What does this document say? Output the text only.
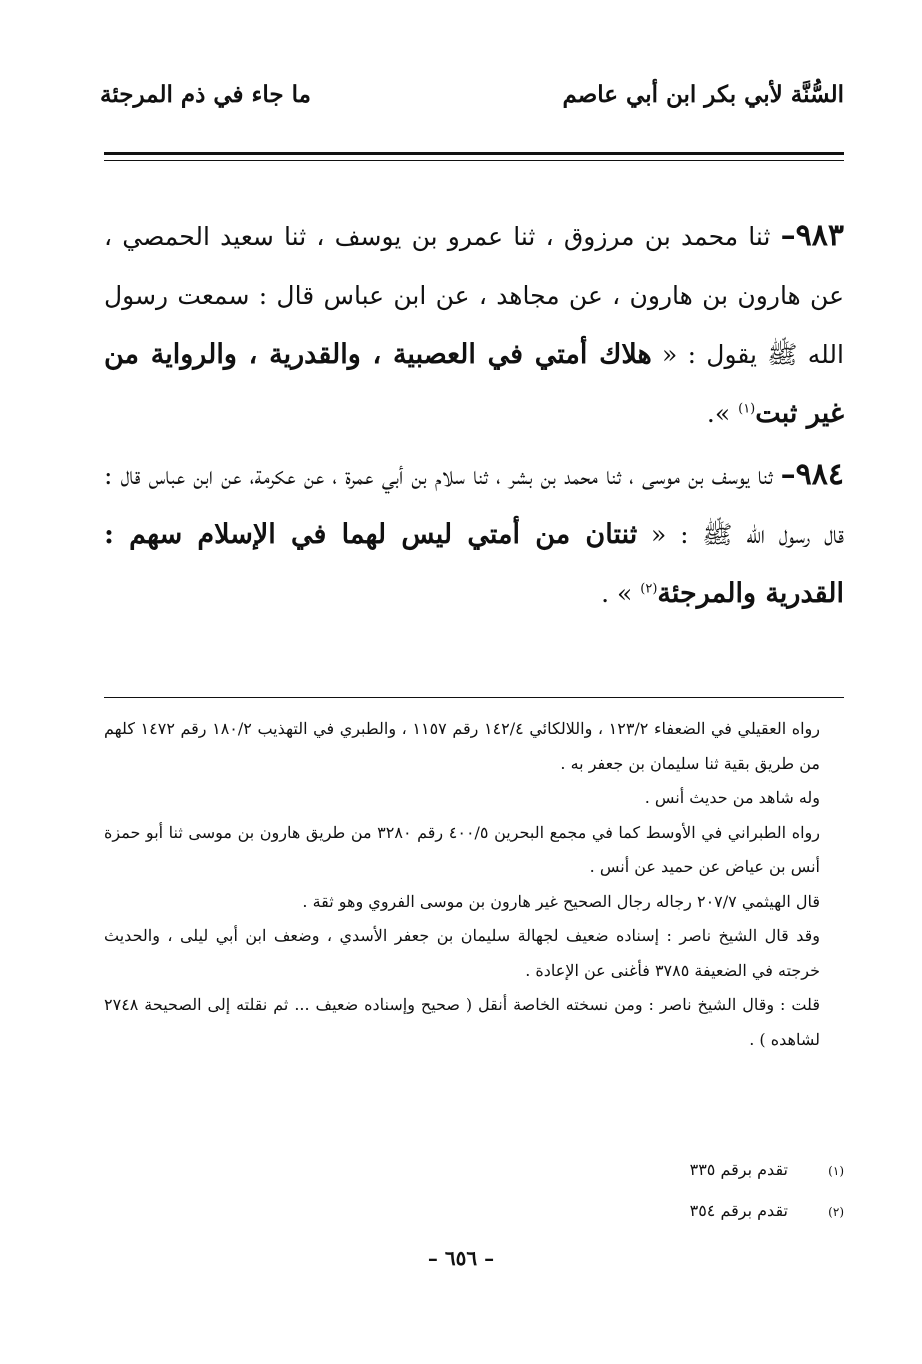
السُّنَّة لأبي بكر ابن أبي عاصم
ما جاء في ذم المرجئة

٩٨٣– ثنا محمد بن مرزوق ، ثنا عمرو بن يوسف ، ثنا سعيد الحمصي ، عن هارون بن هارون ، عن مجاهد ، عن ابن عباس قال : سمعت رسول الله ﷺ يقول : « هلاك أمتي في العصبية ، والقدرية ، والرواية من غير ثبت$^{(١)}$ ».

٩٨٤– ثنا يوسف بن موسى ، ثنا محمد بن بشر ، ثنا سلام بن أبي عمرة ، عن عكرمة، عن ابن عباس قال : قال رسول الله ﷺ : « ثنتان من أمتي ليس لهما في الإسلام سهم : القدرية والمرجئة$^{(٢)}$ » .

رواه العقيلي في الضعفاء ١٢٣/٢ ، واللالكائي ١٤٢/٤ رقم ١١٥٧ ، والطبري في التهذيب ١٨٠/٢ رقم ١٤٧٢ كلهم من طريق بقية ثنا سليمان بن جعفر به .

وله شاهد من حديث أنس .

رواه الطبراني في الأوسط كما في مجمع البحرين ٤٠٠/٥ رقم ٣٢٨٠ من طريق هارون بن موسى ثنا أبو حمزة أنس بن عياض عن حميد عن أنس .

قال الهيثمي ٢٠٧/٧ رجاله رجال الصحيح غير هارون بن موسى الفروي وهو ثقة .

وقد قال الشيخ ناصر : إسناده ضعيف لجهالة سليمان بن جعفر الأسدي ، وضعف ابن أبي ليلى ، والحديث خرجته في الضعيفة ٣٧٨٥ فأغنى عن الإعادة .

قلت : وقال الشيخ ناصر : ومن نسخته الخاصة أنقل ( صحيح وإسناده ضعيف ... ثم نقلته إلى الصحيحة ٢٧٤٨ لشاهده ) .

(١)
تقدم برقم ٣٣٥
(٢)
تقدم برقم ٣٥٤
– ٦٥٦ –
